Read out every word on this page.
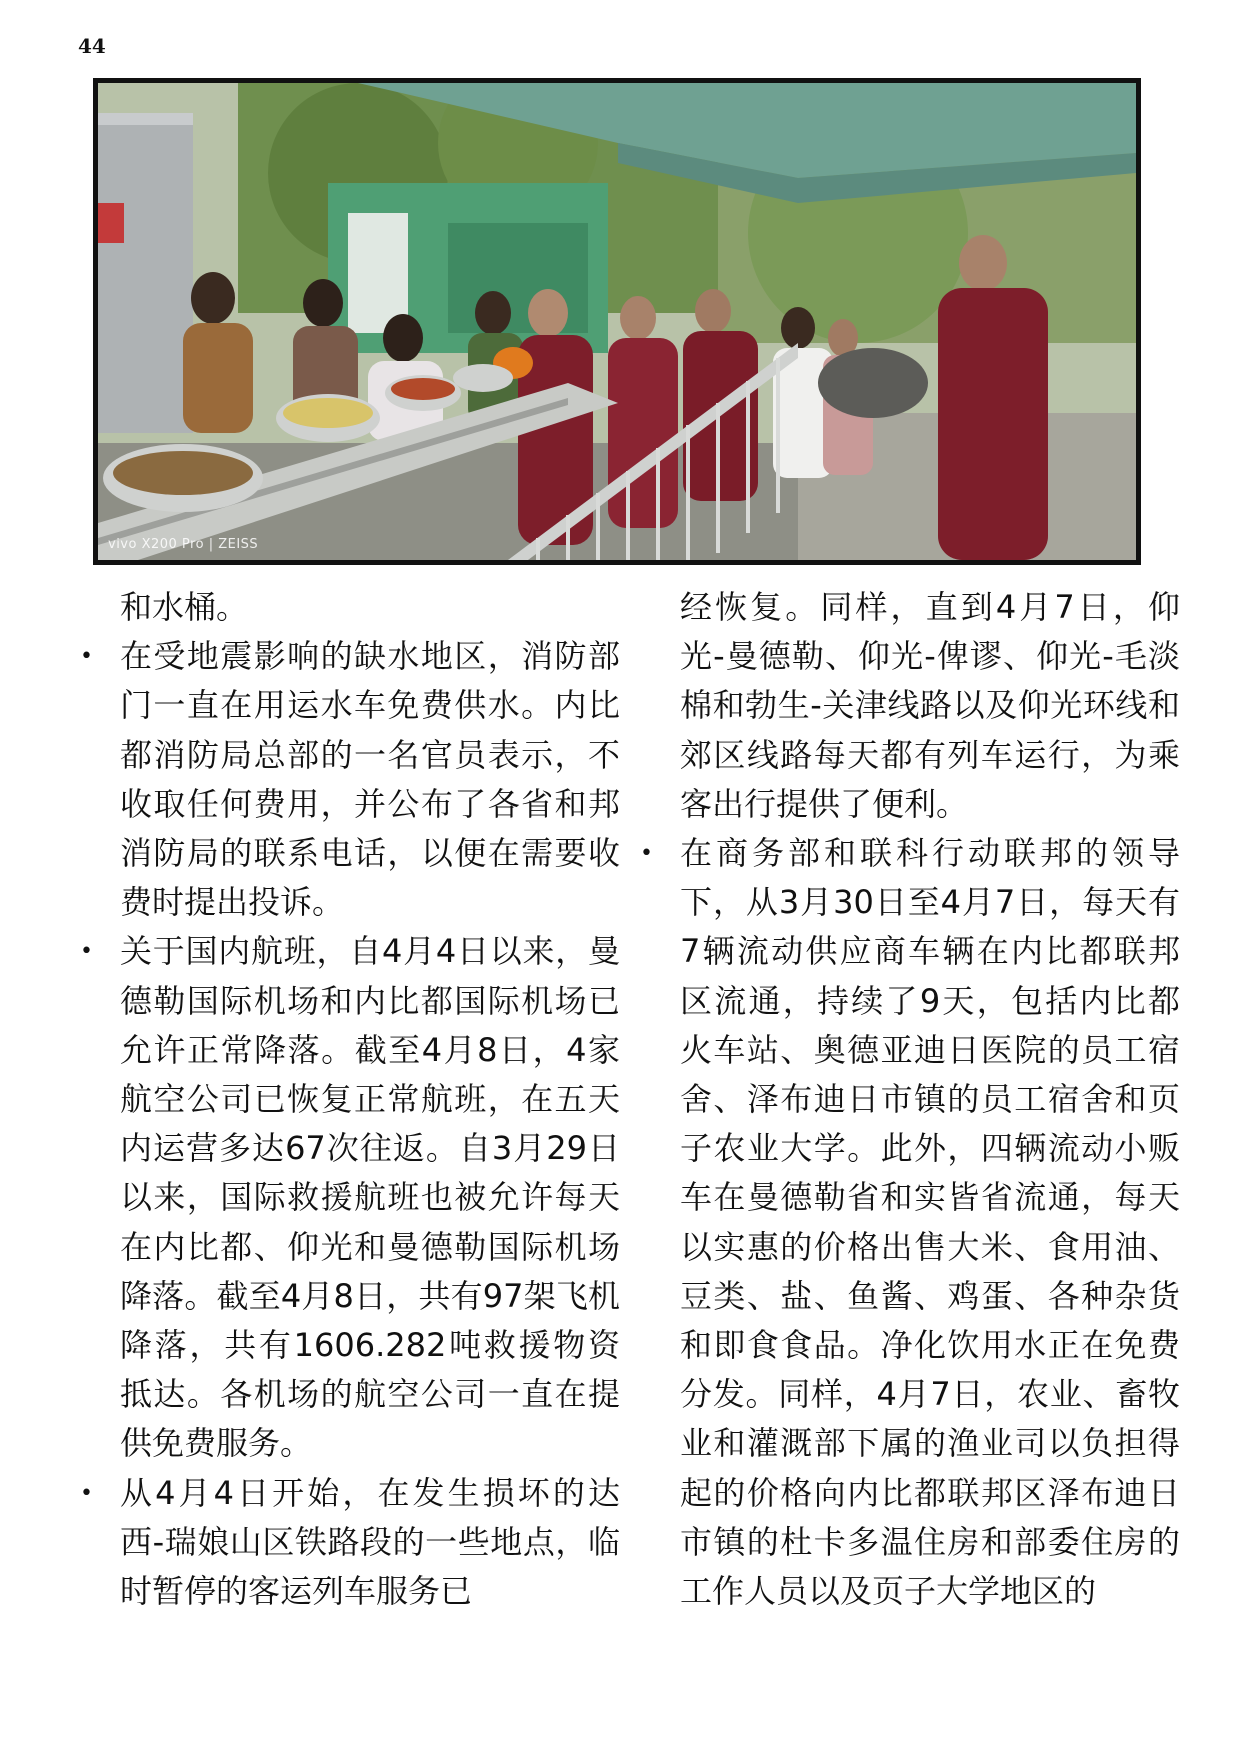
44
vivo X200 Pro | ZEISS

和水桶。

• 在受地震影响的缺水地区，消防部门一直在用运水车免费供水。内比都消防局总部的一名官员表示，不收取任何费用，并公布了各省和邦消防局的联系电话，以便在需要收费时提出投诉。
• 关于国内航班，自4月4日以来，曼德勒国际机场和内比都国际机场已允许正常降落。截至4月8日，4家航空公司已恢复正常航班，在五天内运营多达67次往返。自3月29日以来，国际救援航班也被允许每天在内比都、仰光和曼德勒国际机场降落。截至4月8日，共有97架飞机降落，共有1606.282吨救援物资抵达。各机场的航空公司一直在提供免费服务。
• 从4月4日开始，在发生损坏的达西-瑞娘山区铁路段的一些地点，临时暂停的客运列车服务已

经恢复。同样，直到4月7日，仰光-曼德勒、仰光-俾谬、仰光-毛淡棉和勃生-关津线路以及仰光环线和郊区线路每天都有列车运行，为乘客出行提供了便利。

• 在商务部和联科行动联邦的领导下，从3月30日至4月7日，每天有7辆流动供应商车辆在内比都联邦区流通，持续了9天，包括内比都火车站、奥德亚迪日医院的员工宿舍、泽布迪日市镇的员工宿舍和页子农业大学。此外，四辆流动小贩车在曼德勒省和实皆省流通，每天以实惠的价格出售大米、食用油、豆类、盐、鱼酱、鸡蛋、各种杂货和即食食品。净化饮用水正在免费分发。同样，4月7日，农业、畜牧业和灌溉部下属的渔业司以负担得起的价格向内比都联邦区泽布迪日市镇的杜卡多温住房和部委住房的工作人员以及页子大学地区的
